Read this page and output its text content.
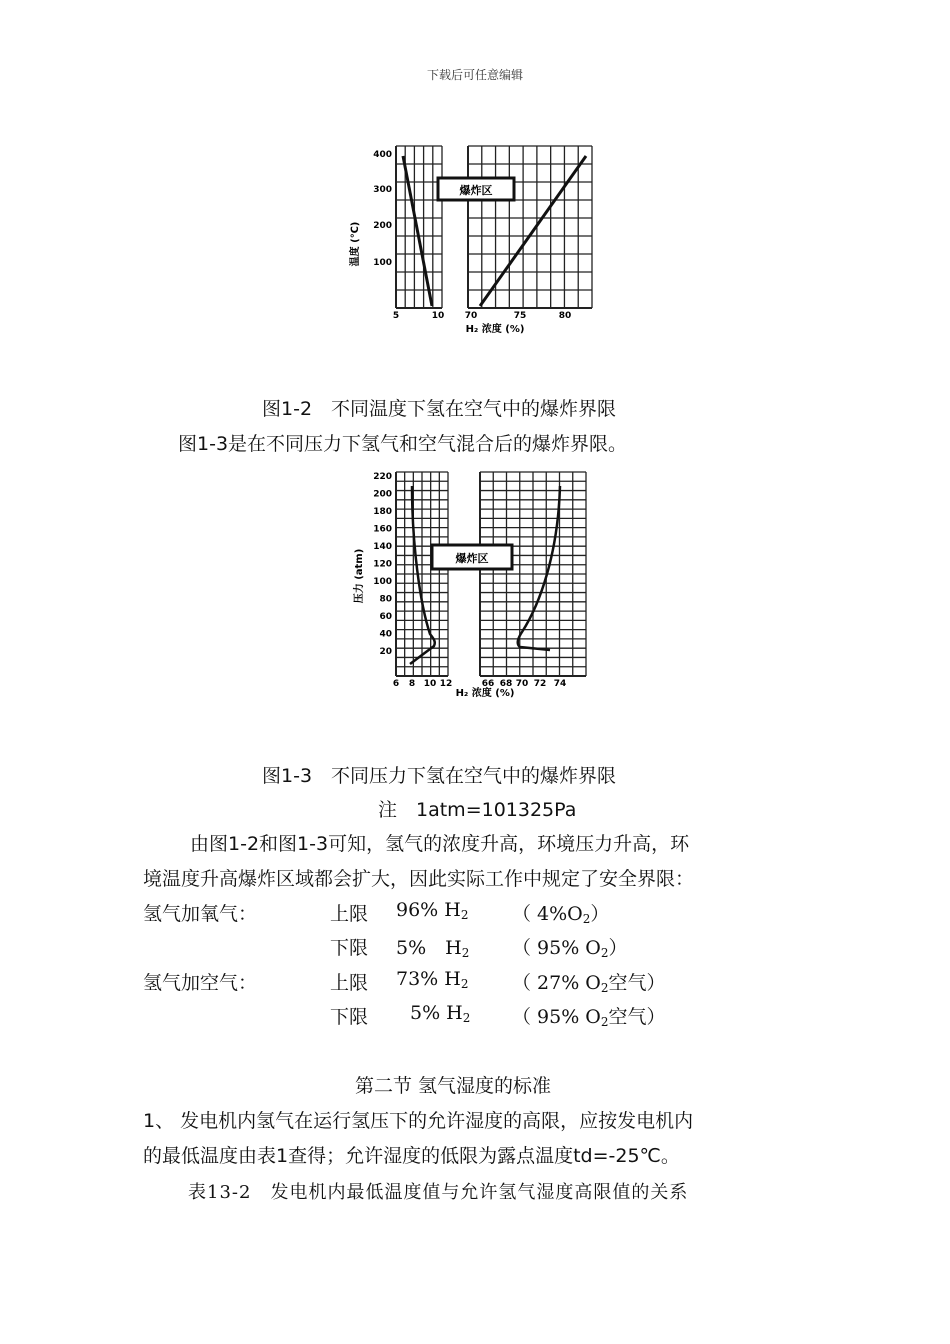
下载后可任意编辑
爆炸区
温度 (℃)
400
300
200
100
5	10 70	75	80
H₂ 浓度 (%)
图1-2　不同温度下氢在空气中的爆炸界限
图1-3是在不同压力下氢气和空气混合后的爆炸界限。
爆炸区
压力 (atm)
220
200
180
160
140
120
100
80
60
40
20
6 8 10 12	66 68 70 72 74
H₂ 浓度 (%)
图1-3　不同压力下氢在空气中的爆炸界限
注　1atm=101325Pa
由图1-2和图1-3可知，氢气的浓度升高，环境压力升高，环
境温度升高爆炸区域都会扩大，因此实际工作中规定了安全界限：
氢气加氧气：	上限 96% $H_2$ （ $4\%O_2$）
下限 5%　$H_2$ （ 95% $O_2$）
氢气加空气：	上限 73% $H_2$ （ 27% $O_2$空气）
下限 5% $H_2$ （ 95% $O_2$空气）
第二节 氢气湿度的标准
1、 发电机内氢气在运行氢压下的允许湿度的高限，应按发电机内
的最低温度由表1查得；允许湿度的低限为露点温度td=-25℃。
表13-2　发电机内最低温度值与允许氢气湿度高限值的关系
